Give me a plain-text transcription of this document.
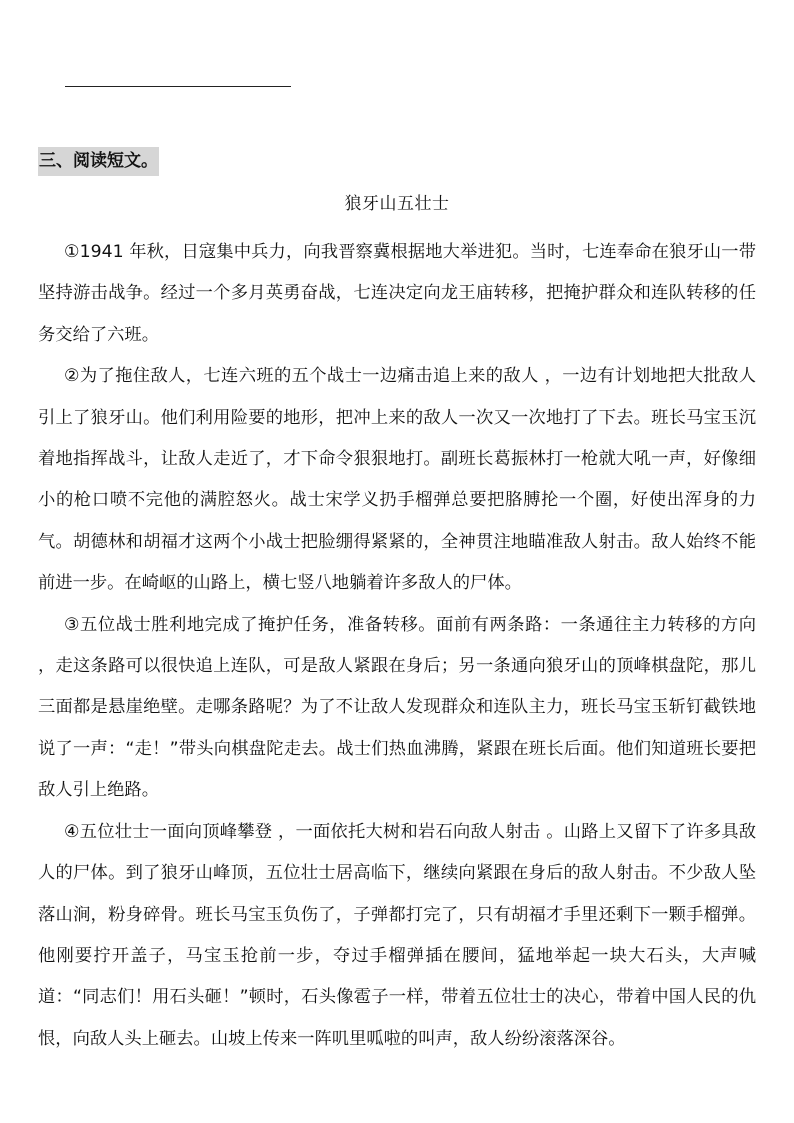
三、阅读短文。
狼牙山五壮士

①1941 年秋，日寇集中兵力，向我晋察冀根据地大举进犯。当时，七连奉命在狼牙山一带坚持游击战争。经过一个多月英勇奋战，七连决定向龙王庙转移，把掩护群众和连队转移的任务交给了六班。

②为了拖住敌人，七连六班的五个战士一边痛击追上来的敌人 ，一边有计划地把大批敌人引上了狼牙山。他们利用险要的地形，把冲上来的敌人一次又一次地打了下去。班长马宝玉沉着地指挥战斗，让敌人走近了，才下命令狠狠地打。副班长葛振林打一枪就大吼一声，好像细小的枪口喷不完他的满腔怒火。战士宋学义扔手榴弹总要把胳膊抡一个圈，好使出浑身的力气。胡德林和胡福才这两个小战士把脸绷得紧紧的，全神贯注地瞄准敌人射击。敌人始终不能前进一步。在崎岖的山路上，横七竖八地躺着许多敌人的尸体。

③五位战士胜利地完成了掩护任务，准备转移。面前有两条路：一条通往主力转移的方向 ，走这条路可以很快追上连队，可是敌人紧跟在身后；另一条通向狼牙山的顶峰棋盘陀，那儿三面都是悬崖绝壁。走哪条路呢？为了不让敌人发现群众和连队主力，班长马宝玉斩钉截铁地说了一声：“走！”带头向棋盘陀走去。战士们热血沸腾，紧跟在班长后面。他们知道班长要把敌人引上绝路。

④五位壮士一面向顶峰攀登 ，一面依托大树和岩石向敌人射击 。山路上又留下了许多具敌人的尸体。到了狼牙山峰顶，五位壮士居高临下，继续向紧跟在身后的敌人射击。不少敌人坠落山涧，粉身碎骨。班长马宝玉负伤了，子弹都打完了，只有胡福才手里还剩下一颗手榴弹。他刚要拧开盖子，马宝玉抢前一步，夺过手榴弹插在腰间，猛地举起一块大石头，大声喊道：“同志们！用石头砸！”顿时，石头像雹子一样，带着五位壮士的决心，带着中国人民的仇恨，向敌人头上砸去。山坡上传来一阵叽里呱啦的叫声，敌人纷纷滚落深谷。
